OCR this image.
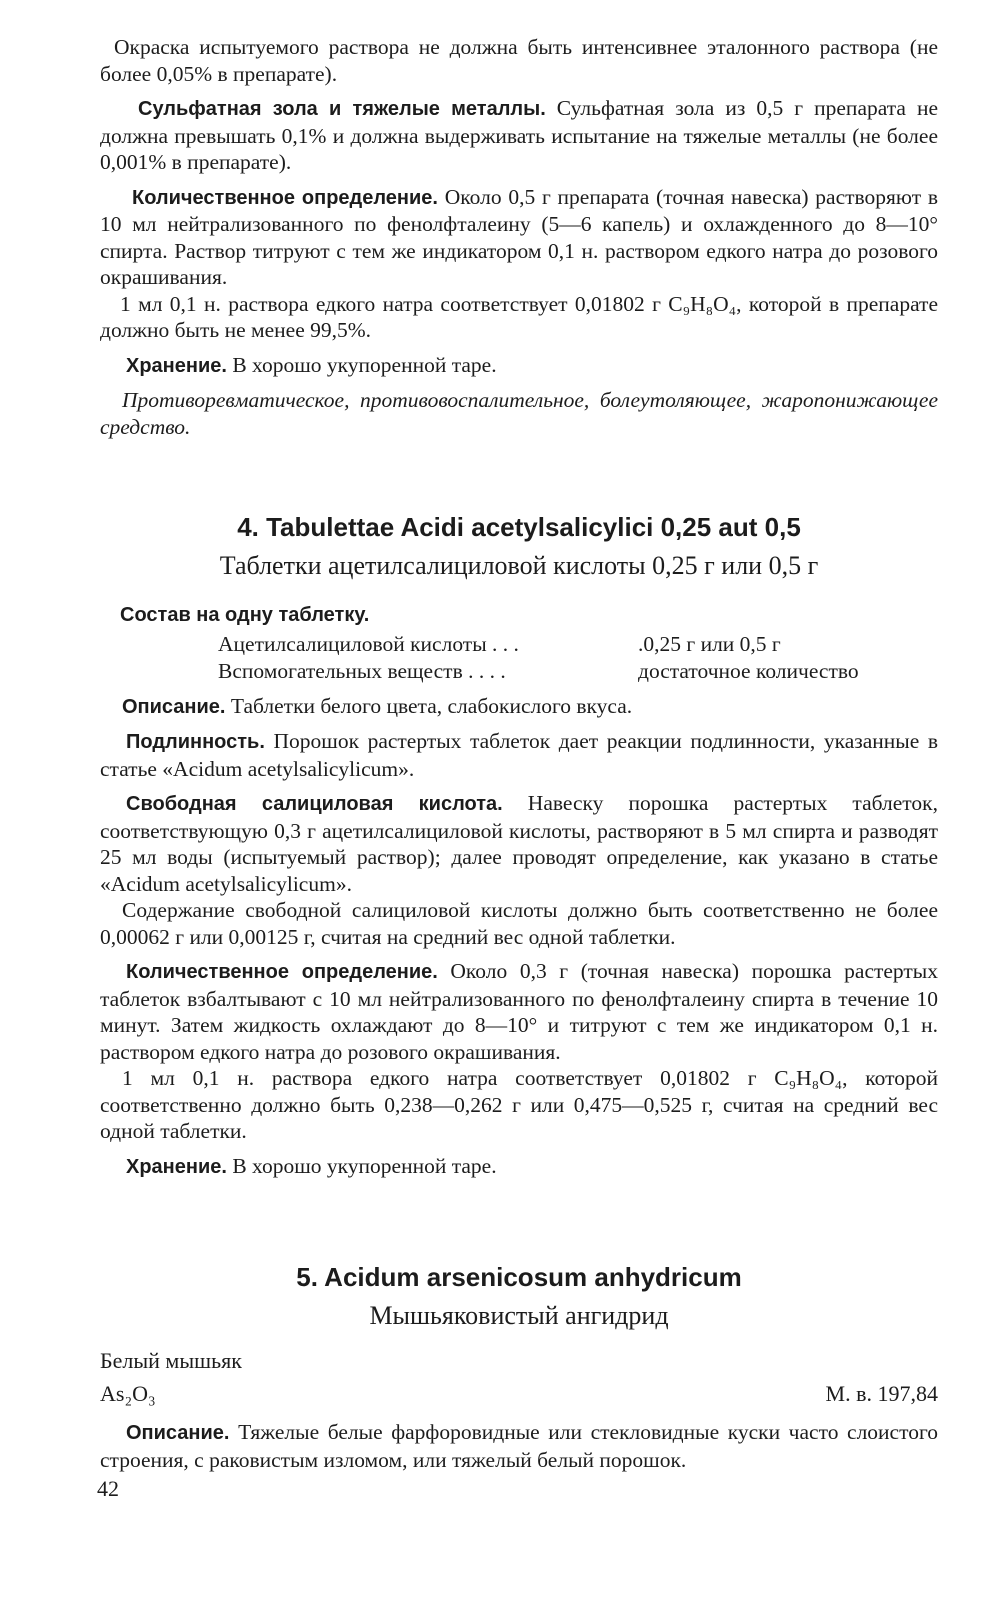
Окраска испытуемого раствора не должна быть интенсивнее эталонного раствора (не более 0,05% в препарате).

Сульфатная зола и тяжелые металлы. Сульфатная зола из 0,5 г препарата не должна превышать 0,1% и должна выдерживать испытание на тяжелые металлы (не более 0,001% в препарате).

Количественное определение. Около 0,5 г препарата (точная навеска) растворяют в 10 мл нейтрализованного по фенолфталеину (5—6 капель) и охлажденного до 8—10° спирта. Раствор титруют с тем же индикатором 0,1 н. раствором едкого натра до розового окрашивания.

1 мл 0,1 н. раствора едкого натра соответствует 0,01802 г C₉H₈O₄, которой в препарате должно быть не менее 99,5%.

Хранение. В хорошо укупоренной таре.

Противоревматическое, противовоспалительное, болеутоляющее, жаропонижающее средство.

4. Tabulettae Acidi acetylsalicylici 0,25 aut 0,5
Таблетки ацетилсалициловой кислоты 0,25 г или 0,5 г
Состав на одну таблетку.
Ацетилсалициловой кислоты . . .	.0,25 г или 0,5 г
Вспомогательных веществ . . . .	достаточное количество

Описание. Таблетки белого цвета, слабокислого вкуса.

Подлинность. Порошок растертых таблеток дает реакции подлинности, указанные в статье «Acidum acetylsalicylicum».

Свободная салициловая кислота. Навеску порошка растертых таблеток, соответствующую 0,3 г ацетилсалициловой кислоты, растворяют в 5 мл спирта и разводят 25 мл воды (испытуемый раствор); далее проводят определение, как указано в статье «Acidum acetylsalicylicum».

Содержание свободной салициловой кислоты должно быть соответственно не более 0,00062 г или 0,00125 г, считая на средний вес одной таблетки.

Количественное определение. Около 0,3 г (точная навеска) порошка растертых таблеток взбалтывают с 10 мл нейтрализованного по фенолфталеину спирта в течение 10 минут. Затем жидкость охлаждают до 8—10° и титруют с тем же индикатором 0,1 н. раствором едкого натра до розового окрашивания.

1 мл 0,1 н. раствора едкого натра соответствует 0,01802 г C₉H₈O₄, которой соответственно должно быть 0,238—0,262 г или 0,475—0,525 г, считая на средний вес одной таблетки.

Хранение. В хорошо укупоренной таре.

5. Acidum arsenicosum anhydricum
Мышьяковистый ангидрид
Белый мышьяк
As₂O₃	М. в. 197,84

Описание. Тяжелые белые фарфоровидные или стекловидные куски часто слоистого строения, с раковистым изломом, или тяжелый белый порошок.

42
